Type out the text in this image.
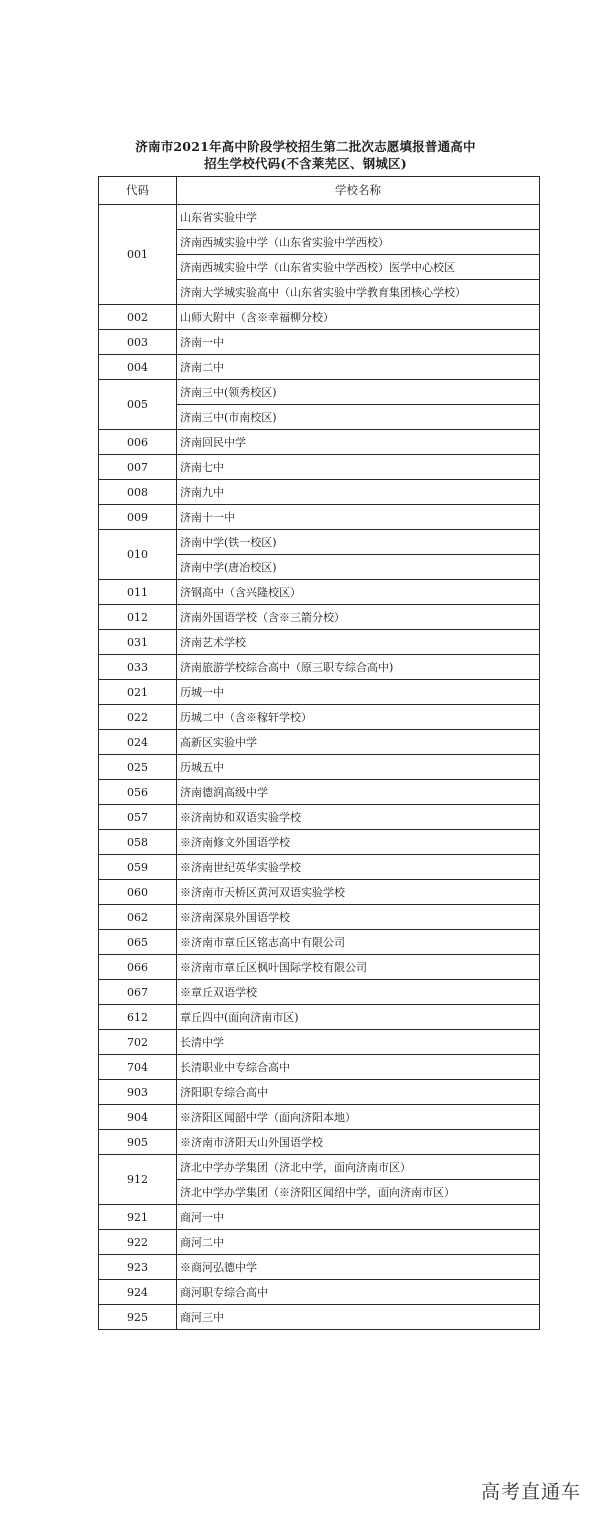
济南市2021年高中阶段学校招生第二批次志愿填报普通高中
招生学校代码(不含莱芜区、钢城区)
代码	学校名称
001	山东省实验中学
	济南西城实验中学（山东省实验中学西校）
	济南西城实验中学（山东省实验中学西校）医学中心校区
	济南大学城实验高中（山东省实验中学教育集团核心学校）
002	山师大附中（含※幸福柳分校）
003	济南一中
004	济南二中
005	济南三中(领秀校区)
	济南三中(市南校区)
006	济南回民中学
007	济南七中
008	济南九中
009	济南十一中
010	济南中学(铁一校区)
	济南中学(唐冶校区)
011	济钢高中（含兴隆校区）
012	济南外国语学校（含※三箭分校）
031	济南艺术学校
033	济南旅游学校综合高中（原三职专综合高中)
021	历城一中
022	历城二中（含※稼轩学校）
024	高新区实验中学
025	历城五中
056	济南德润高级中学
057	※济南协和双语实验学校
058	※济南修文外国语学校
059	※济南世纪英华实验学校
060	※济南市天桥区黄河双语实验学校
062	※济南深泉外国语学校
065	※济南市章丘区铭志高中有限公司
066	※济南市章丘区枫叶国际学校有限公司
067	※章丘双语学校
612	章丘四中(面向济南市区)
702	长清中学
704	长清职业中专综合高中
903	济阳职专综合高中
904	※济阳区闻韶中学（面向济阳本地）
905	※济南市济阳天山外国语学校
912	济北中学办学集团（济北中学，面向济南市区）
	济北中学办学集团（※济阳区闻绍中学，面向济南市区）
921	商河一中
922	商河二中
923	※商河弘德中学
924	商河职专综合高中
925	商河三中
高考直通车
